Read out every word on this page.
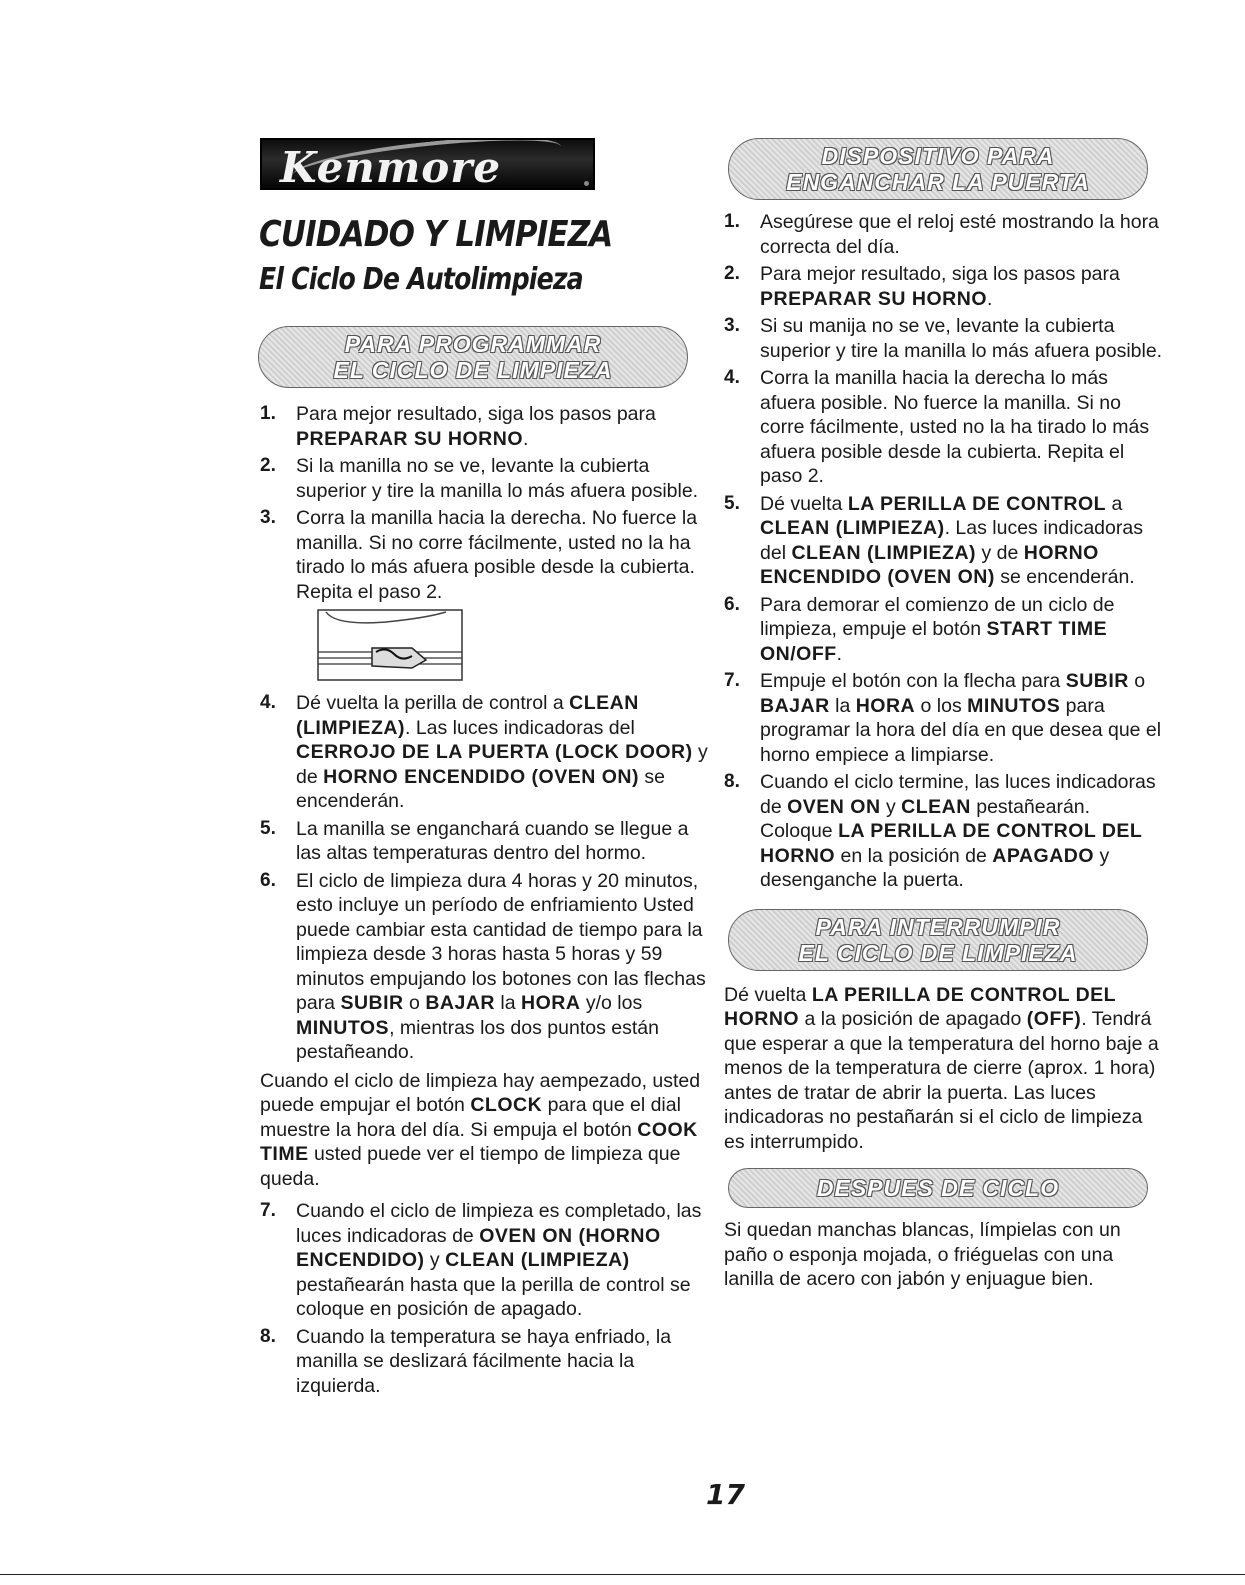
Kenmore
CUIDADO Y LIMPIEZA
El Ciclo De Autolimpieza
PARA PROGRAMMAR
EL CICLO DE LIMPIEZA
1. Para mejor resultado, siga los pasos para PREPARAR SU HORNO.
2. Si la manilla no se ve, levante la cubierta superior y tire la manilla lo más afuera posible.
3. Corra la manilla hacia la derecha. No fuerce la manilla. Si no corre fácilmente, usted no la ha tirado lo más afuera posible desde la cubierta. Repita el paso 2.

4. Dé vuelta la perilla de control a CLEAN (LIMPIEZA). Las luces indicadoras del CERROJO DE LA PUERTA (LOCK DOOR) y de HORNO ENCENDIDO (OVEN ON) se encenderán.
5. La manilla se enganchará cuando se llegue a las altas temperaturas dentro del hormo.
6. El ciclo de limpieza dura 4 horas y 20 minutos, esto incluye un período de enfriamiento Usted puede cambiar esta cantidad de tiempo para la limpieza desde 3 horas hasta 5 horas y 59 minutos empujando los botones con las flechas para SUBIR o BAJAR la HORA y/o los MINUTOS, mientras los dos puntos están pestañeando.

Cuando el ciclo de limpieza hay aempezado, usted puede empujar el botón CLOCK para que el dial muestre la hora del día. Si empuja el botón COOK TIME usted puede ver el tiempo de limpieza que queda.

7. Cuando el ciclo de limpieza es completado, las luces indicadoras de OVEN ON (HORNO ENCENDIDO) y CLEAN (LIMPIEZA) pestañearán hasta que la perilla de control se coloque en posición de apagado.
8. Cuando la temperatura se haya enfriado, la manilla se deslizará fácilmente hacia la izquierda.
DISPOSITIVO PARA
ENGANCHAR LA PUERTA
1. Asegúrese que el reloj esté mostrando la hora correcta del día.
2. Para mejor resultado, siga los pasos para PREPARAR SU HORNO.
3. Si su manija no se ve, levante la cubierta superior y tire la manilla lo más afuera posible.
4. Corra la manilla hacia la derecha lo más afuera posible. No fuerce la manilla. Si no corre fácilmente, usted no la ha tirado lo más afuera posible desde la cubierta. Repita el paso 2.
5. Dé vuelta LA PERILLA DE CONTROL a CLEAN (LIMPIEZA). Las luces indicadoras del CLEAN (LIMPIEZA) y de HORNO ENCENDIDO (OVEN ON) se encenderán.
6. Para demorar el comienzo de un ciclo de limpieza, empuje el botón START TIME ON/OFF.
7. Empuje el botón con la flecha para SUBIR o BAJAR la HORA o los MINUTOS para programar la hora del día en que desea que el horno empiece a limpiarse.
8. Cuando el ciclo termine, las luces indicadoras de OVEN ON y CLEAN pestañearán. Coloque LA PERILLA DE CONTROL DEL HORNO en la posición de APAGADO y desenganche la puerta.
PARA INTERRUMPIR
EL CICLO DE LIMPIEZA

Dé vuelta LA PERILLA DE CONTROL DEL HORNO a la posición de apagado (OFF). Tendrá que esperar a que la temperatura del horno baje a menos de la temperatura de cierre (aprox. 1 hora) antes de tratar de abrir la puerta. Las luces indicadoras no pestañarán si el ciclo de limpieza es interrumpido.

DESPUES DE CICLO

Si quedan manchas blancas, límpielas con un paño o esponja mojada, o friéguelas con una lanilla de acero con jabón y enjuague bien.

17
